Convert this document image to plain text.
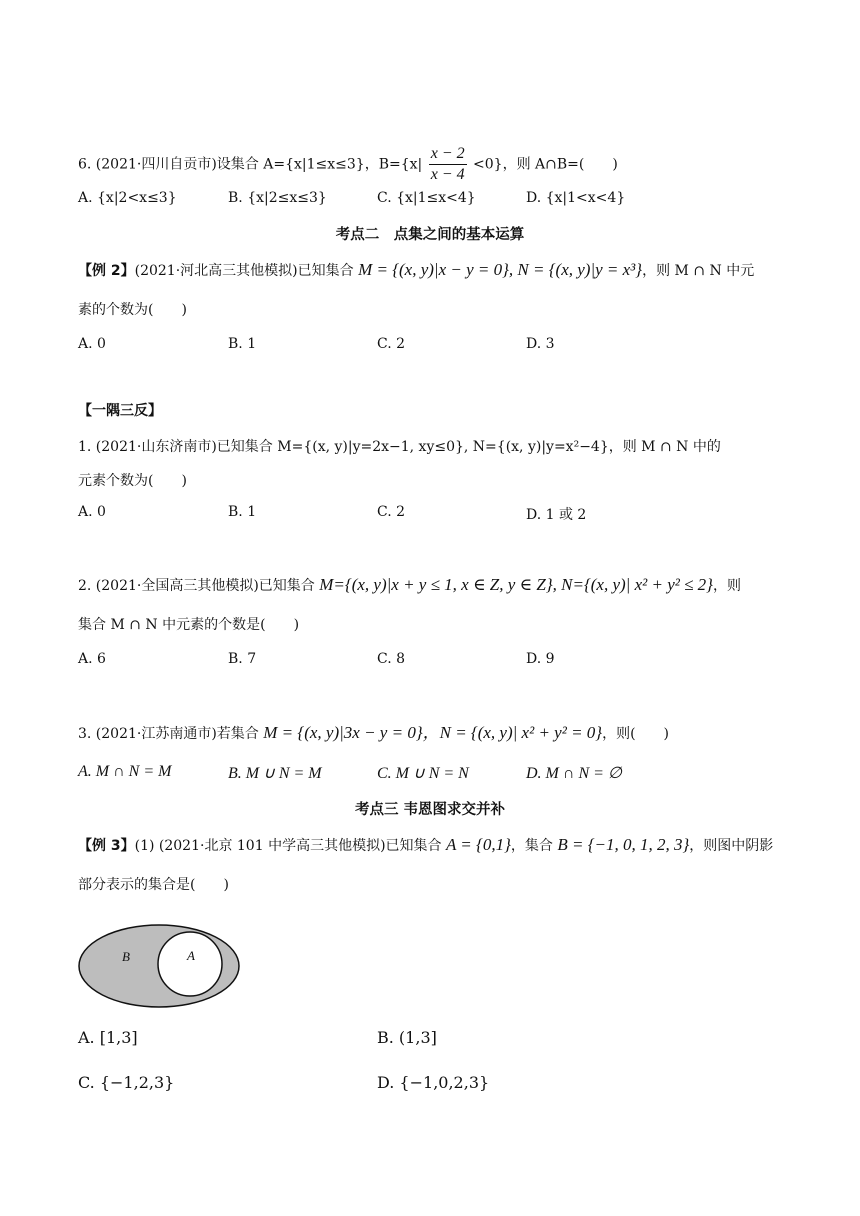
6. (2021·四川自贡市)设集合 A={x|1≤x≤3}，$B=\{x| \frac{x - 2}{x - 4} <0\}$，则 A∩B=(　　)
A. {x|2<x≤3}	B. {x|2≤x≤3}	C. {x|1≤x<4}	D. {x|1<x<4}
考点二　点集之间的基本运算
【例 2】(2021·河北高三其他模拟)已知集合 M = {(x, y)|x − y = 0}, N = {(x, y)|y = x³}，则 M ∩ N 中元
素的个数为(　　)
A. 0	B. 1	C. 2	D. 3
【一隅三反】
1. (2021·山东济南市)已知集合 M={(x, y)|y=2x−1, xy≤0}, N={(x, y)|y=x²−4}，则 M ∩ N 中的
元素个数为(　　)
A. 0	B. 1	C. 2	D. 1 或 2
2. (2021·全国高三其他模拟)已知集合 M={(x, y)|x + y ≤ 1, x ∈ Z, y ∈ Z}, N={(x, y)| x² + y² ≤ 2}，则
集合 M ∩ N 中元素的个数是(　　)
A. 6	B. 7	C. 8	D. 9
3. (2021·江苏南通市)若集合 M = {(x, y)|3x − y = 0}，N = {(x, y)| x² + y² = 0}，则(　　)
A. M ∩ N = M	B. M ∪ N = M	C. M ∪ N = N	D. M ∩ N = ∅
考点三 韦恩图求交并补
【例 3】(1) (2021·北京 101 中学高三其他模拟)已知集合 A = {0,1}，集合 B = {−1, 0, 1, 2, 3}，则图中阴影
部分表示的集合是(　　)
B	A
A. [1,3]	B. (1,3]
C. {−1,2,3}	D. {−1,0,2,3}
